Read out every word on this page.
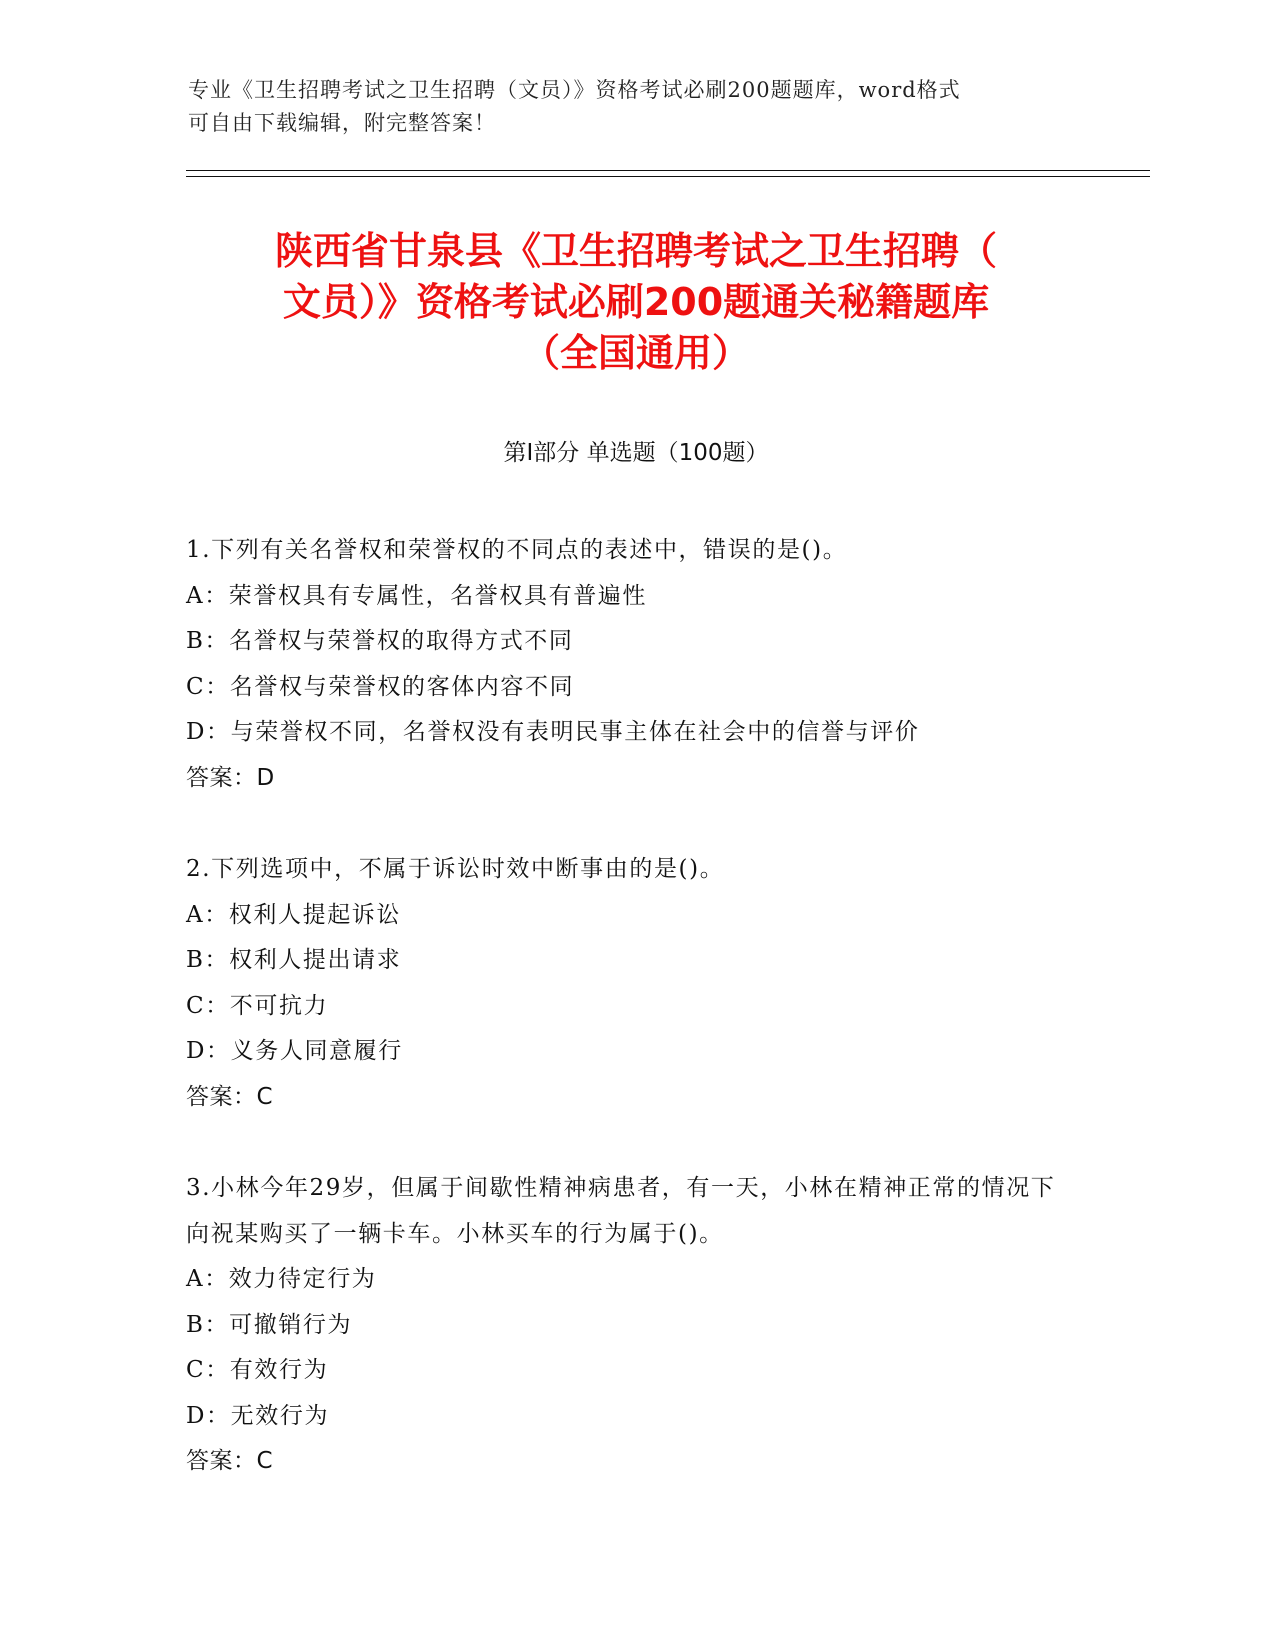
专业《卫生招聘考试之卫生招聘（文员）》资格考试必刷200题题库，word格式
可自由下载编辑，附完整答案！
陕西省甘泉县《卫生招聘考试之卫生招聘（
文员）》资格考试必刷200题通关秘籍题库
（全国通用）
第I部分 单选题（100题）
1.下列有关名誉权和荣誉权的不同点的表述中，错误的是()。
A：荣誉权具有专属性，名誉权具有普遍性
B：名誉权与荣誉权的取得方式不同
C：名誉权与荣誉权的客体内容不同
D：与荣誉权不同，名誉权没有表明民事主体在社会中的信誉与评价
答案：D
2.下列选项中，不属于诉讼时效中断事由的是()。
A：权利人提起诉讼
B：权利人提出请求
C：不可抗力
D：义务人同意履行
答案：C
3.小林今年29岁，但属于间歇性精神病患者，有一天，小林在精神正常的情况下向祝某购买了一辆卡车。小林买车的行为属于()。
A：效力待定行为
B：可撤销行为
C：有效行为
D：无效行为
答案：C
